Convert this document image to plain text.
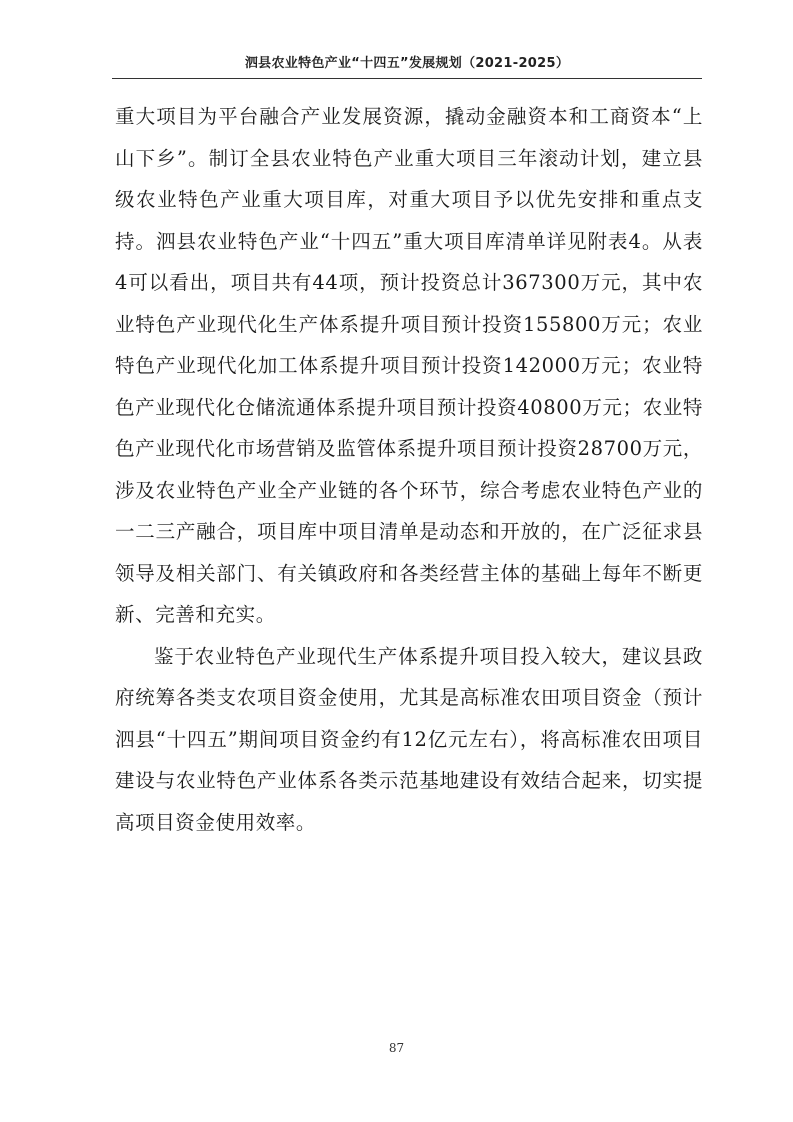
泗县农业特色产业“十四五”发展规划（2021-2025）

重大项目为平台融合产业发展资源，撬动金融资本和工商资本“上山下乡”。制订全县农业特色产业重大项目三年滚动计划，建立县级农业特色产业重大项目库，对重大项目予以优先安排和重点支持。泗县农业特色产业“十四五”重大项目库清单详见附表4。从表4可以看出，项目共有44项，预计投资总计367300万元，其中农业特色产业现代化生产体系提升项目预计投资155800万元；农业特色产业现代化加工体系提升项目预计投资142000万元；农业特色产业现代化仓储流通体系提升项目预计投资40800万元；农业特色产业现代化市场营销及监管体系提升项目预计投资28700万元，涉及农业特色产业全产业链的各个环节，综合考虑农业特色产业的一二三产融合，项目库中项目清单是动态和开放的，在广泛征求县领导及相关部门、有关镇政府和各类经营主体的基础上每年不断更新、完善和充实。

鉴于农业特色产业现代生产体系提升项目投入较大，建议县政府统筹各类支农项目资金使用，尤其是高标准农田项目资金（预计泗县“十四五”期间项目资金约有12亿元左右），将高标准农田项目建设与农业特色产业体系各类示范基地建设有效结合起来，切实提高项目资金使用效率。

87
